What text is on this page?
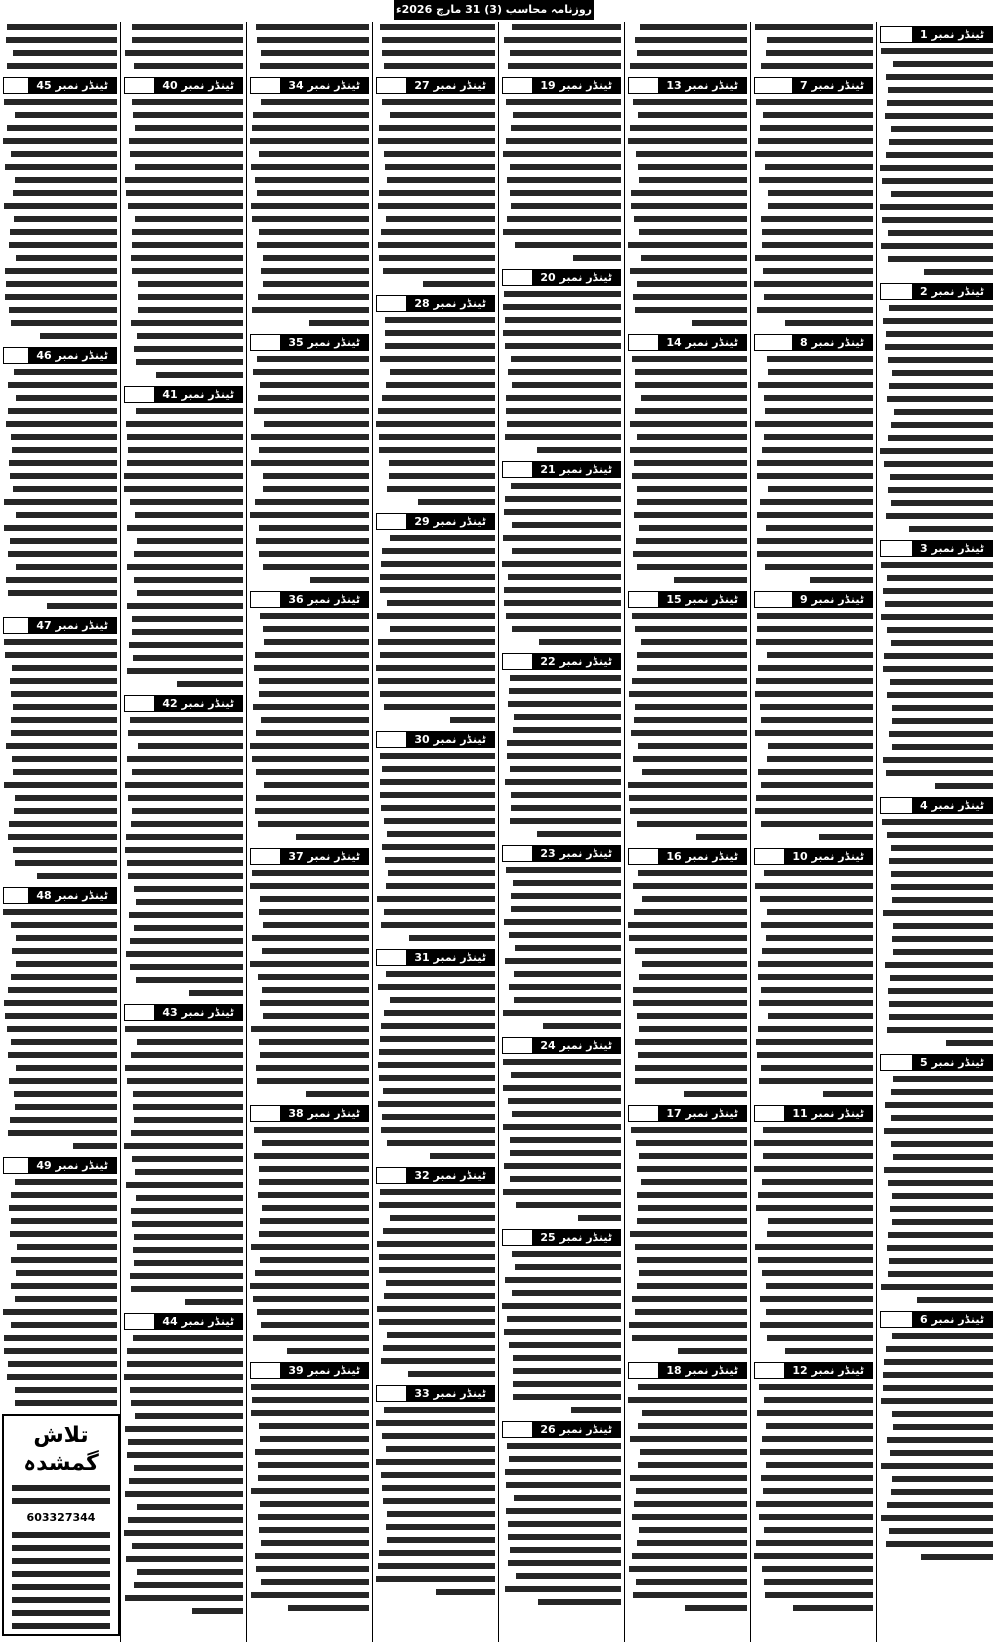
روزنامہ محاسب (3) 31 مارچ 2026ء
ٹینڈر نمبر 1
ٹینڈر نمبر 2
ٹینڈر نمبر 3
ٹینڈر نمبر 4
ٹینڈر نمبر 5
ٹینڈر نمبر 6
ٹینڈر نمبر 7
ٹینڈر نمبر 8
ٹینڈر نمبر 9
ٹینڈر نمبر 10
ٹینڈر نمبر 11
ٹینڈر نمبر 12
ٹینڈر نمبر 13
ٹینڈر نمبر 14
ٹینڈر نمبر 15
ٹینڈر نمبر 16
ٹینڈر نمبر 17
ٹینڈر نمبر 18
ٹینڈر نمبر 19
ٹینڈر نمبر 20
ٹینڈر نمبر 21
ٹینڈر نمبر 22
ٹینڈر نمبر 23
ٹینڈر نمبر 24
ٹینڈر نمبر 25
ٹینڈر نمبر 26
ٹینڈر نمبر 27
ٹینڈر نمبر 28
ٹینڈر نمبر 29
ٹینڈر نمبر 30
ٹینڈر نمبر 31
ٹینڈر نمبر 32
ٹینڈر نمبر 33
ٹینڈر نمبر 34
ٹینڈر نمبر 35
ٹینڈر نمبر 36
ٹینڈر نمبر 37
ٹینڈر نمبر 38
ٹینڈر نمبر 39
ٹینڈر نمبر 40
ٹینڈر نمبر 41
ٹینڈر نمبر 42
ٹینڈر نمبر 43
ٹینڈر نمبر 44
ٹینڈر نمبر 45
ٹینڈر نمبر 46
ٹینڈر نمبر 47
ٹینڈر نمبر 48
ٹینڈر نمبر 49
تلاش گمشدہ
603327344
